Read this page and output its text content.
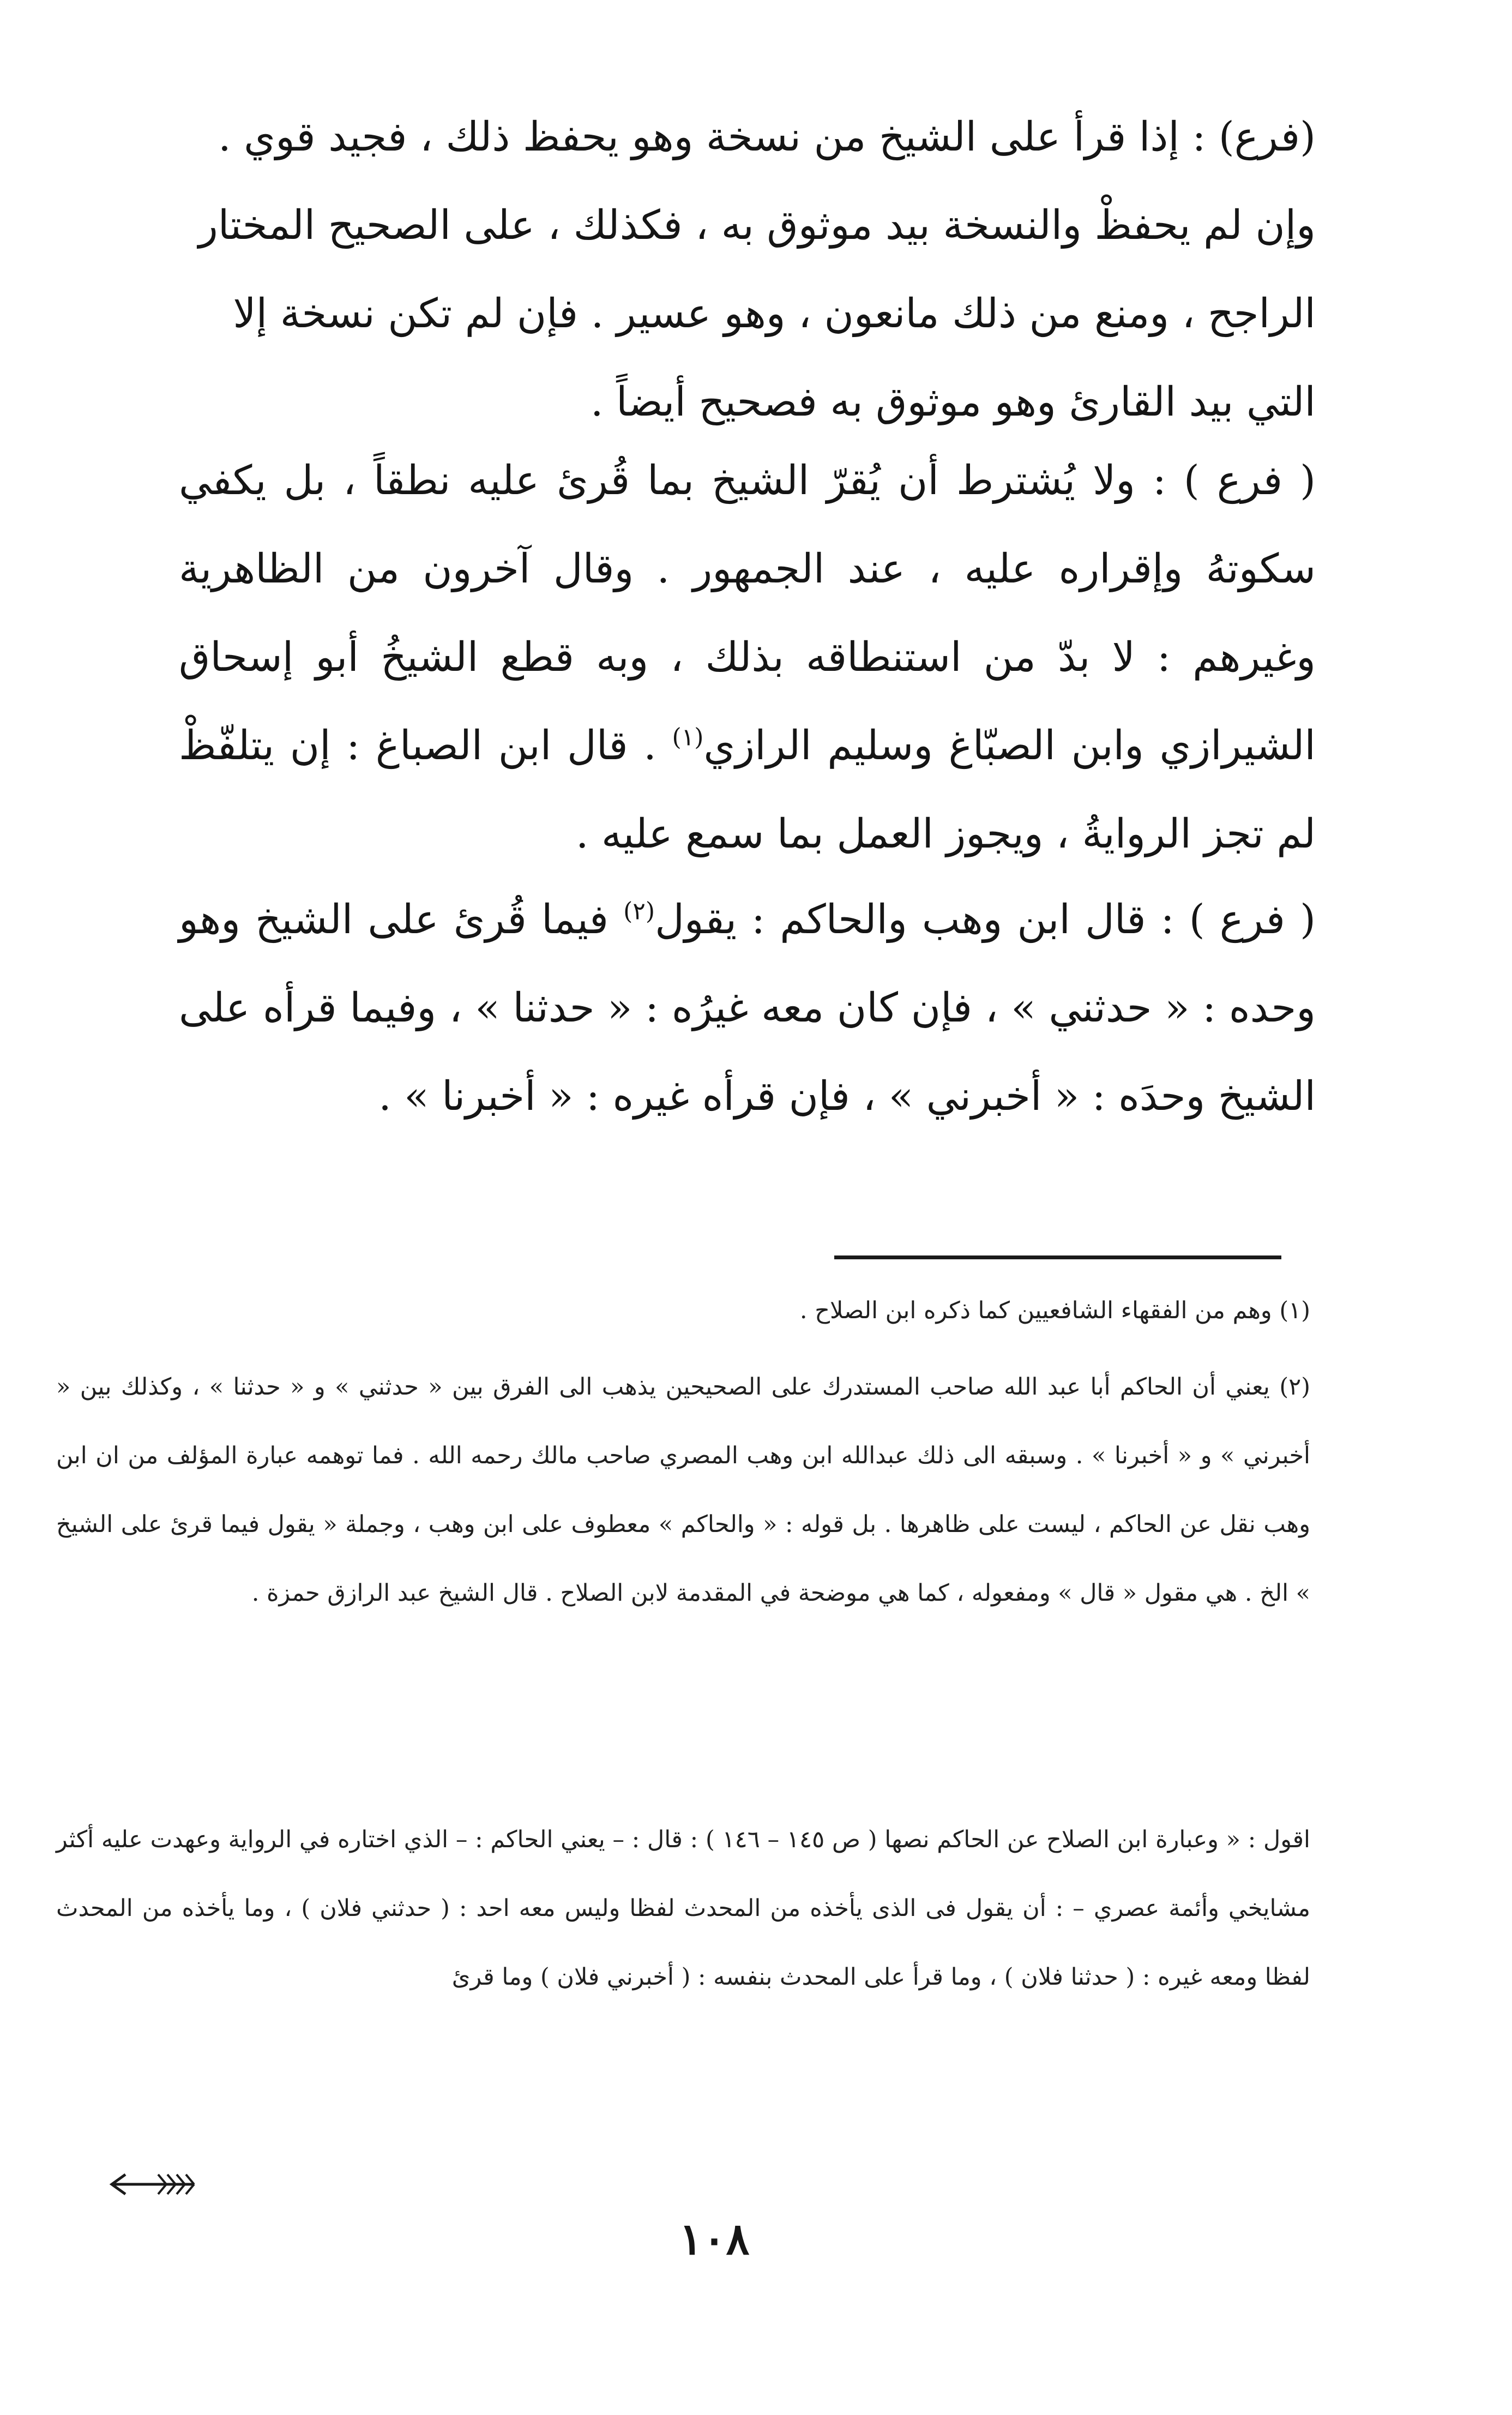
(فرع) : إذا قرأ على الشيخ من نسخة وهو يحفظ ذلك ، فجيد قوي .
وإن لم يحفظْ والنسخة بيد موثوق به ، فكذلك ، على الصحيح المختار
الراجح ، ومنع من ذلك مانعون ، وهو عسير . فإن لم تكن نسخة إلا
التي بيد القارئ وهو موثوق به فصحيح أيضاً .

( فرع ) : ولا يُشترط أن يُقرّ الشيخ بما قُرئ عليه نطقاً ، بل يكفي سكوتهُ وإقراره عليه ، عند الجمهور . وقال آخرون من الظاهرية وغيرهم : لا بدّ من استنطاقه بذلك ، وبه قطع الشيخُ أبو إسحاق الشيرازي وابن الصبّاغ وسليم الرازي$^{(١)}$ . قال ابن الصباغ : إن يتلفّظْ لم تجز الروايةُ ، ويجوز العمل بما سمع عليه .

( فرع ) : قال ابن وهب والحاكم : يقول$^{(٢)}$ فيما قُرئ على الشيخ وهو وحده : « حدثني » ، فإن كان معه غيرُه : « حدثنا » ، وفيما قرأه على الشيخ وحدَه : « أخبرني » ، فإن قرأه غيره : « أخبرنا » .

(١) وهم من الفقهاء الشافعيين كما ذكره ابن الصلاح .

(٢) يعني أن الحاكم أبا عبد الله صاحب المستدرك على الصحيحين يذهب الى الفرق بين « حدثني » و « حدثنا » ، وكذلك بين « أخبرني » و « أخبرنا » . وسبقه الى ذلك عبدالله ابن وهب المصري صاحب مالك رحمه الله . فما توهمه عبارة المؤلف من ان ابن وهب نقل عن الحاكم ، ليست على ظاهرها . بل قوله : « والحاكم » معطوف على ابن وهب ، وجملة « يقول فيما قرئ على الشيخ » الخ . هي مقول « قال » ومفعوله ، كما هي موضحة في المقدمة لابن الصلاح . قال الشيخ عبد الرازق حمزة .

اقول : « وعبارة ابن الصلاح عن الحاكم نصها ( ص ١٤٥ – ١٤٦ ) : قال : – يعني الحاكم : – الذي اختاره في الرواية وعهدت عليه أكثر مشايخي وأئمة عصري – : أن يقول فى الذى يأخذه من المحدث لفظا وليس معه احد : ( حدثني فلان ) ، وما يأخذه من المحدث لفظا ومعه غيره : ( حدثنا فلان ) ، وما قرأ على المحدث بنفسه : ( أخبرني فلان ) وما قرئ

١٠٨
